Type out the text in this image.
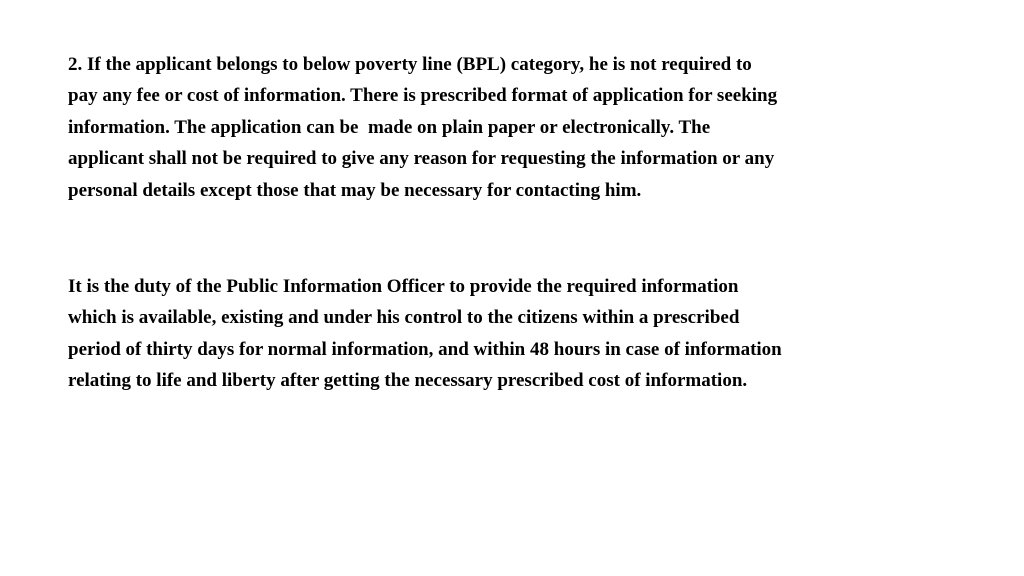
2. If the applicant belongs to below poverty line (BPL) category, he is not required to
pay any fee or cost of information. There is prescribed format of application for seeking
information. The application can be  made on plain paper or electronically. The
applicant shall not be required to give any reason for requesting the information or any
personal details except those that may be necessary for contacting him.

It is the duty of the Public Information Officer to provide the required information
which is available, existing and under his control to the citizens within a prescribed
period of thirty days for normal information, and within 48 hours in case of information
relating to life and liberty after getting the necessary prescribed cost of information.
